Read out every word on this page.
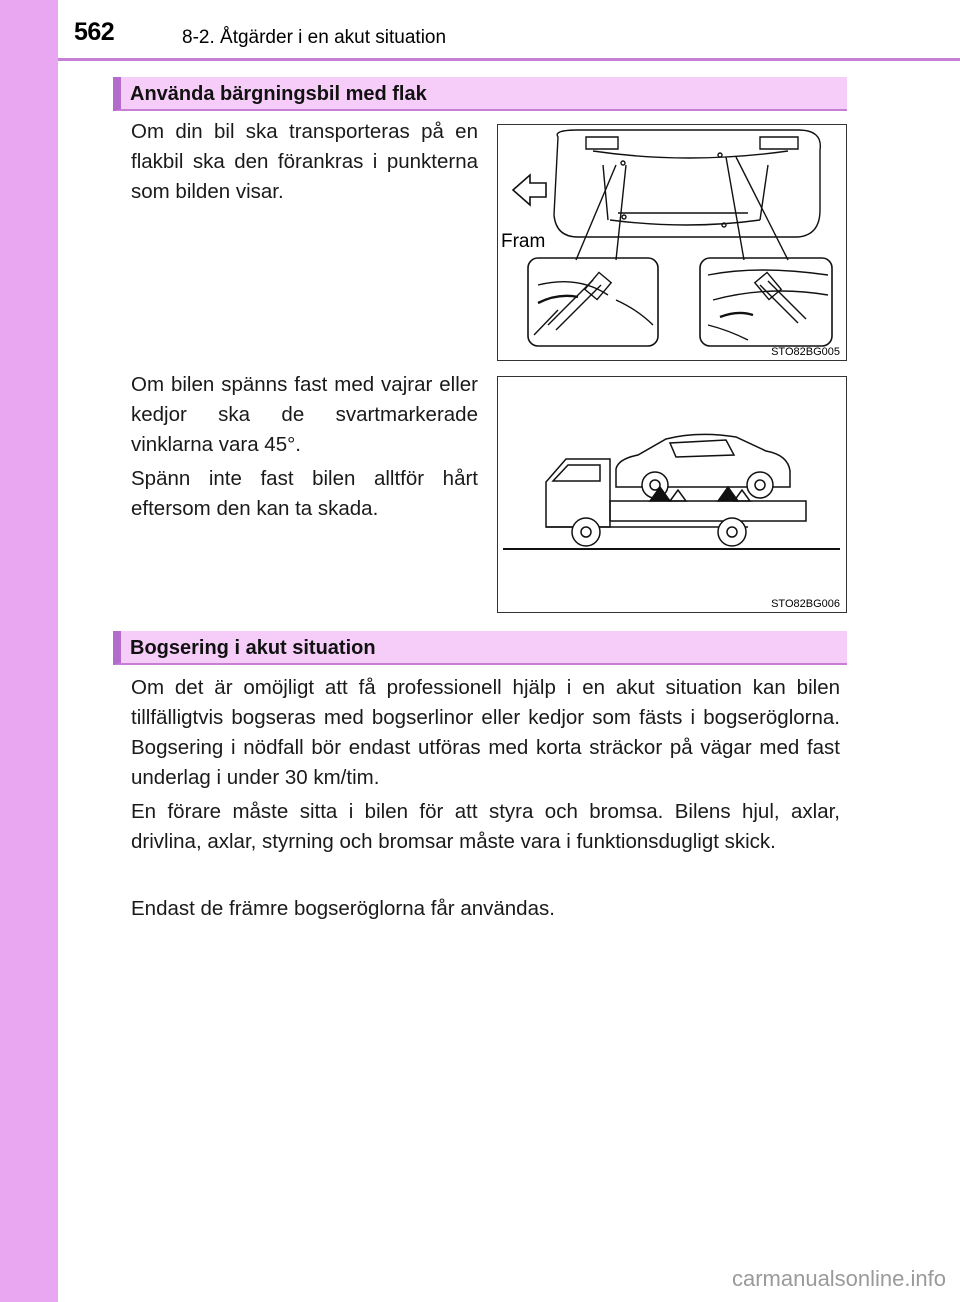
562	8-2. Åtgärder i en akut situation
Använda bärgningsbil med flak

Om din bil ska transporteras på en flakbil ska den förankras i punkterna som bilden visar.

Fram
STO82BG005

Om bilen spänns fast med vajrar eller kedjor ska de svartmarkerade vinklarna vara 45°.

Spänn inte fast bilen alltför hårt eftersom den kan ta skada.

STO82BG006
Bogsering i akut situation

Om det är omöjligt att få professionell hjälp i en akut situation kan bilen tillfälligtvis bogseras med bogserlinor eller kedjor som fästs i bogseröglorna. Bogsering i nödfall bör endast utföras med korta sträckor på vägar med fast underlag i under 30 km/tim.

En förare måste sitta i bilen för att styra och bromsa. Bilens hjul, axlar, drivlina, axlar, styrning och bromsar måste vara i funktionsdugligt skick.

Endast de främre bogseröglorna får användas.

carmanualsonline.info
